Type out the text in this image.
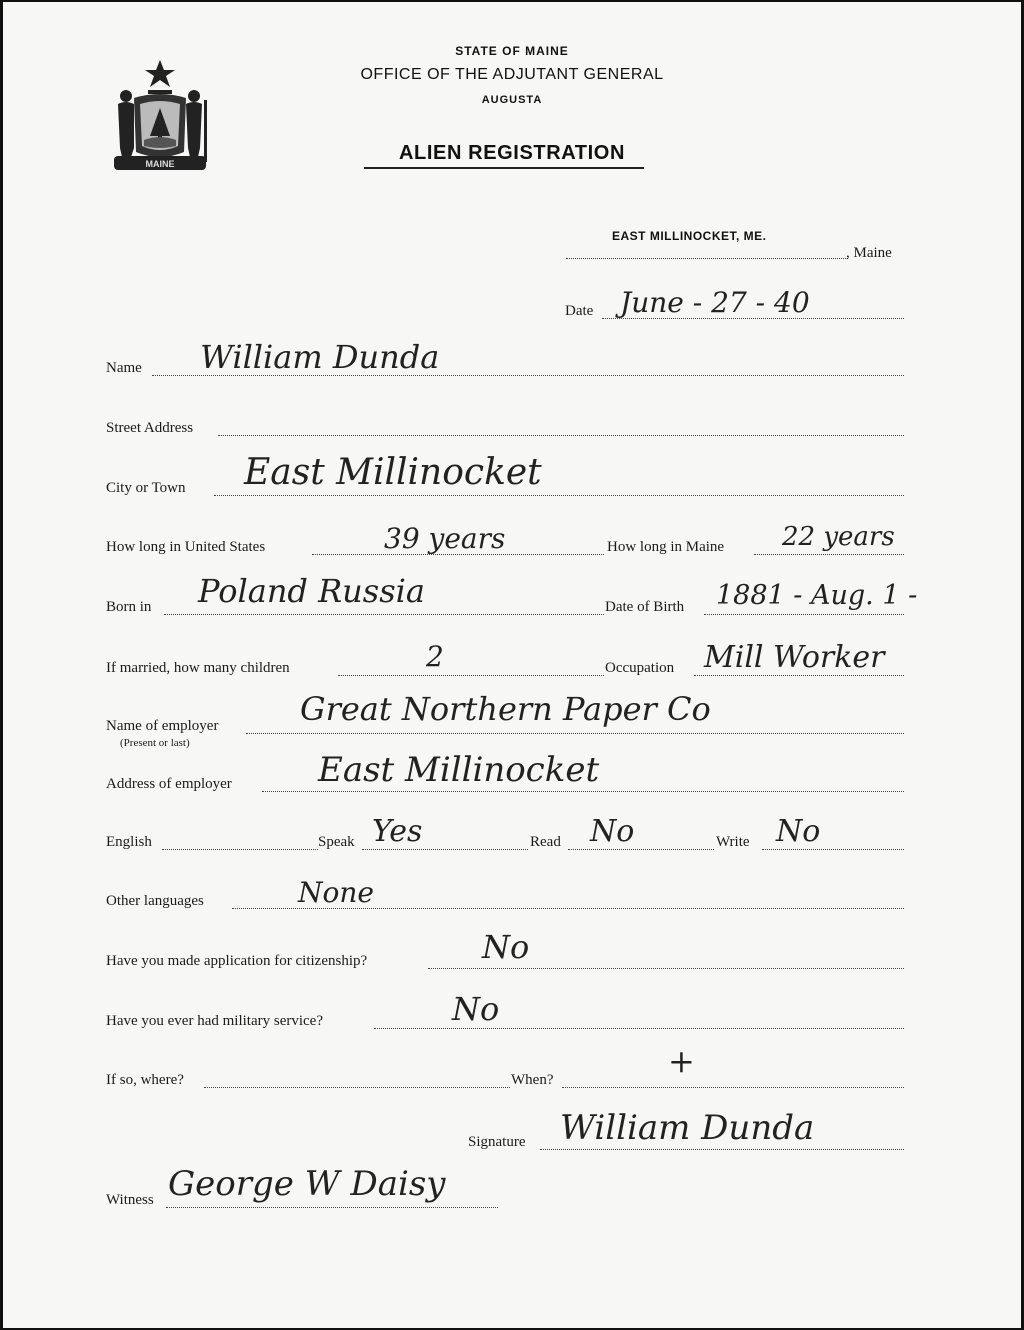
MAINE
STATE OF MAINE
OFFICE OF THE ADJUTANT GENERAL
AUGUSTA
ALIEN REGISTRATION
EAST MILLINOCKET, ME.
, Maine
Date June - 27 - 40
Name William Dunda
Street Address
City or Town East Millinocket
How long in United States	39 years	How long in Maine 22 years
Born in Poland Russia	Date of Birth 1881 - Aug. 1 -
If married, how many children	2	Occupation Mill Worker
Name of employer
(Present or last)
Great Northern Paper Co
Address of employer	East Millinocket
English	Speak Yes	Read No	Write No
Other languages	None
Have you made application for citizenship?	No
Have you ever had military service?	No
If so, where?	When?	+
Signature William Dunda
Witness George W Daisy
